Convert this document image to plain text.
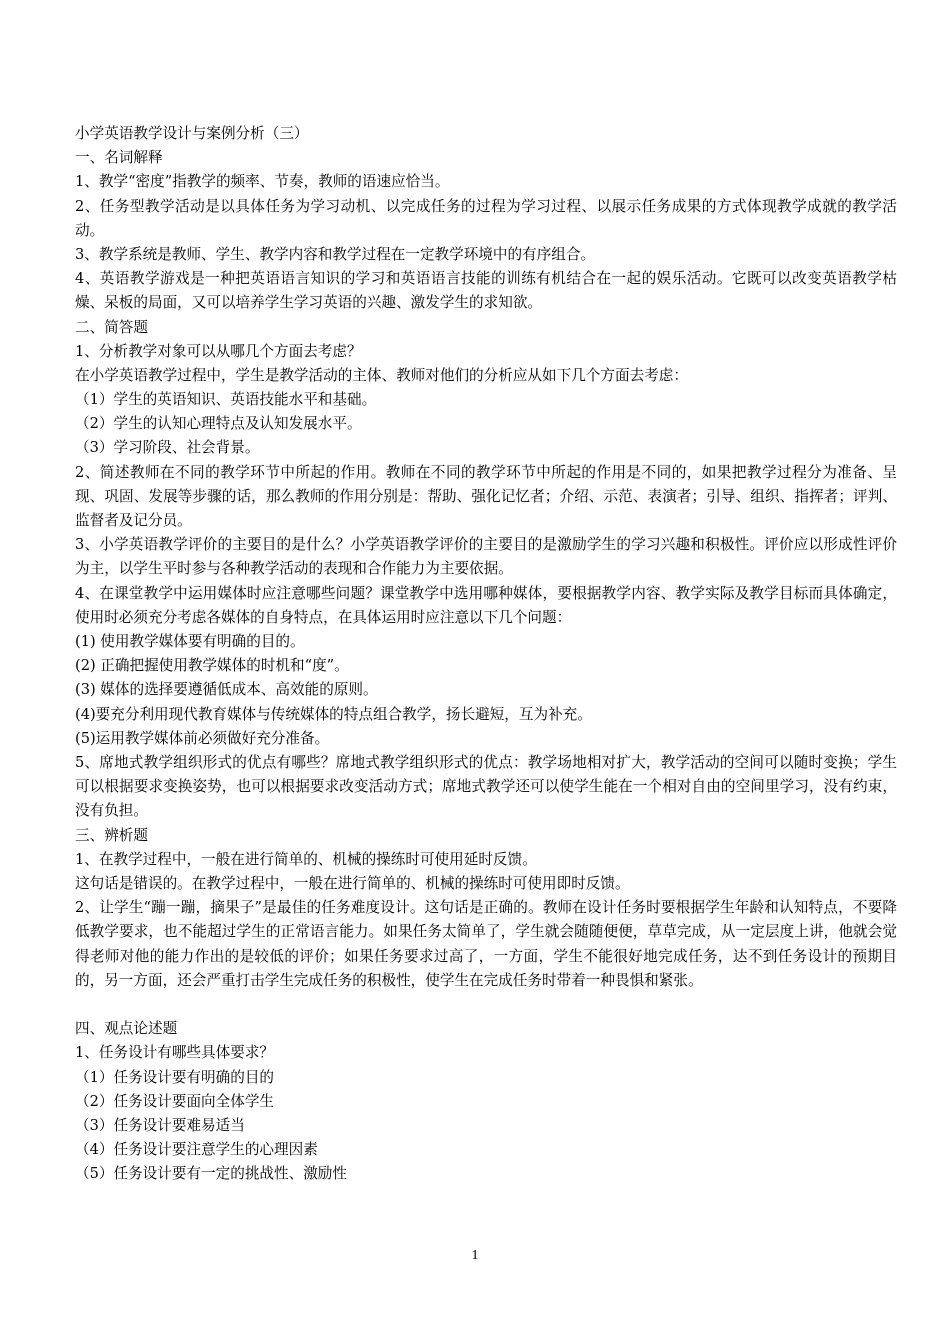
小学英语教学设计与案例分析（三）
一、名词解释
1、教学“密度”指教学的频率、节奏，教师的语速应恰当。
2、任务型教学活动是以具体任务为学习动机、以完成任务的过程为学习过程、以展示任务成果的方式体现教学成就的教学活动。
3、教学系统是教师、学生、教学内容和教学过程在一定教学环境中的有序组合。
4、英语教学游戏是一种把英语语言知识的学习和英语语言技能的训练有机结合在一起的娱乐活动。它既可以改变英语教学枯燥、呆板的局面，又可以培养学生学习英语的兴趣、激发学生的求知欲。
二、简答题
1、分析教学对象可以从哪几个方面去考虑？
在小学英语教学过程中，学生是教学活动的主体、教师对他们的分析应从如下几个方面去考虑：
（1）学生的英语知识、英语技能水平和基础。
（2）学生的认知心理特点及认知发展水平。
（3）学习阶段、社会背景。
2、简述教师在不同的教学环节中所起的作用。教师在不同的教学环节中所起的作用是不同的，如果把教学过程分为准备、呈现、巩固、发展等步骤的话，那么教师的作用分别是：帮助、强化记忆者；介绍、示范、表演者；引导、组织、指挥者；评判、监督者及记分员。
3、小学英语教学评价的主要目的是什么？小学英语教学评价的主要目的是激励学生的学习兴趣和积极性。评价应以形成性评价为主，以学生平时参与各种教学活动的表现和合作能力为主要依据。
4、在课堂教学中运用媒体时应注意哪些问题？课堂教学中选用哪种媒体，要根据教学内容、教学实际及教学目标而具体确定，使用时必须充分考虑各媒体的自身特点，在具体运用时应注意以下几个问题：
(1) 使用教学媒体要有明确的目的。
(2) 正确把握使用教学媒体的时机和“度”。
(3) 媒体的选择要遵循低成本、高效能的原则。
(4)要充分利用现代教育媒体与传统媒体的特点组合教学，扬长避短，互为补充。
(5)运用教学媒体前必须做好充分准备。
5、席地式教学组织形式的优点有哪些？席地式教学组织形式的优点：教学场地相对扩大，教学活动的空间可以随时变换；学生可以根据要求变换姿势，也可以根据要求改变活动方式；席地式教学还可以使学生能在一个相对自由的空间里学习，没有约束，没有负担。
三、辨析题
1、在教学过程中，一般在进行简单的、机械的操练时可使用延时反馈。
这句话是错误的。在教学过程中，一般在进行简单的、机械的操练时可使用即时反馈。
2、让学生“蹦一蹦，摘果子”是最佳的任务难度设计。这句话是正确的。教师在设计任务时要根据学生年龄和认知特点，不要降低教学要求，也不能超过学生的正常语言能力。如果任务太简单了，学生就会随随便便，草草完成，从一定层度上讲，他就会觉得老师对他的能力作出的是较低的评价；如果任务要求过高了，一方面，学生不能很好地完成任务，达不到任务设计的预期目的，另一方面，还会严重打击学生完成任务的积极性，使学生在完成任务时带着一种畏惧和紧张。
四、观点论述题
1、任务设计有哪些具体要求？
（1）任务设计要有明确的目的
（2）任务设计要面向全体学生
（3）任务设计要难易适当
（4）任务设计要注意学生的心理因素
（5）任务设计要有一定的挑战性、激励性
1
